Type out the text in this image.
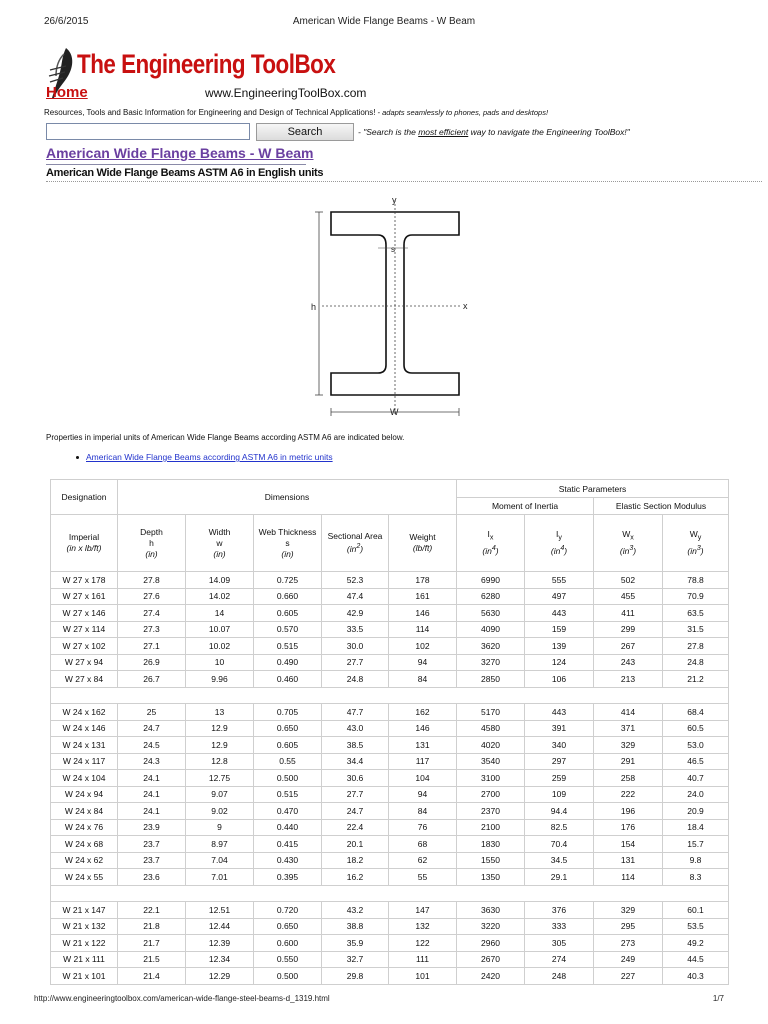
26/6/2015	American Wide Flange Beams - W Beam
The Engineering ToolBox
Home	www.EngineeringToolBox.com
Resources, Tools and Basic Information for Engineering and Design of Technical Applications! - adapts seamlessly to phones, pads and desktops!
Search	- "Search is the most efficient way to navigate the Engineering ToolBox!"
American Wide Flange Beams - W Beam
American Wide Flange Beams ASTM A6 in English units
y
x
W
h
s
Properties in imperial units of American Wide Flange Beams according ASTM A6 are indicated below.
American Wide Flange Beams according ASTM A6 in metric units
Designation	Dimensions					Static Parameters			
						Moment of Inertia		Elastic Section Modulus	
Imperial
(in x lb/ft)	Depth
h
(in)	Width
w
(in)	Web Thickness
s
(in)	Sectional Area
$(in^2)$	Weight
(lb/ft)	$I_x$
$(in^4)$	$I_y$
$(in^4)$	$W_x$
$(in^3)$	$W_y$
$(in^3)$
W 27 x 178	27.8	14.09	0.725	52.3	178	6990	555	502	78.8
W 27 x 161	27.6	14.02	0.660	47.4	161	6280	497	455	70.9
W 27 x 146	27.4	14	0.605	42.9	146	5630	443	411	63.5
W 27 x 114	27.3	10.07	0.570	33.5	114	4090	159	299	31.5
W 27 x 102	27.1	10.02	0.515	30.0	102	3620	139	267	27.8
W 27 x 94	26.9	10	0.490	27.7	94	3270	124	243	24.8
W 27 x 84	26.7	9.96	0.460	24.8	84	2850	106	213	21.2

W 24 x 162	25	13	0.705	47.7	162	5170	443	414	68.4
W 24 x 146	24.7	12.9	0.650	43.0	146	4580	391	371	60.5
W 24 x 131	24.5	12.9	0.605	38.5	131	4020	340	329	53.0
W 24 x 117	24.3	12.8	0.55	34.4	117	3540	297	291	46.5
W 24 x 104	24.1	12.75	0.500	30.6	104	3100	259	258	40.7
W 24 x 94	24.1	9.07	0.515	27.7	94	2700	109	222	24.0
W 24 x 84	24.1	9.02	0.470	24.7	84	2370	94.4	196	20.9
W 24 x 76	23.9	9	0.440	22.4	76	2100	82.5	176	18.4
W 24 x 68	23.7	8.97	0.415	20.1	68	1830	70.4	154	15.7
W 24 x 62	23.7	7.04	0.430	18.2	62	1550	34.5	131	9.8
W 24 x 55	23.6	7.01	0.395	16.2	55	1350	29.1	114	8.3

W 21 x 147	22.1	12.51	0.720	43.2	147	3630	376	329	60.1
W 21 x 132	21.8	12.44	0.650	38.8	132	3220	333	295	53.5
W 21 x 122	21.7	12.39	0.600	35.9	122	2960	305	273	49.2
W 21 x 111	21.5	12.34	0.550	32.7	111	2670	274	249	44.5
W 21 x 101	21.4	12.29	0.500	29.8	101	2420	248	227	40.3
http://www.engineeringtoolbox.com/american-wide-flange-steel-beams-d_1319.html	1/7
